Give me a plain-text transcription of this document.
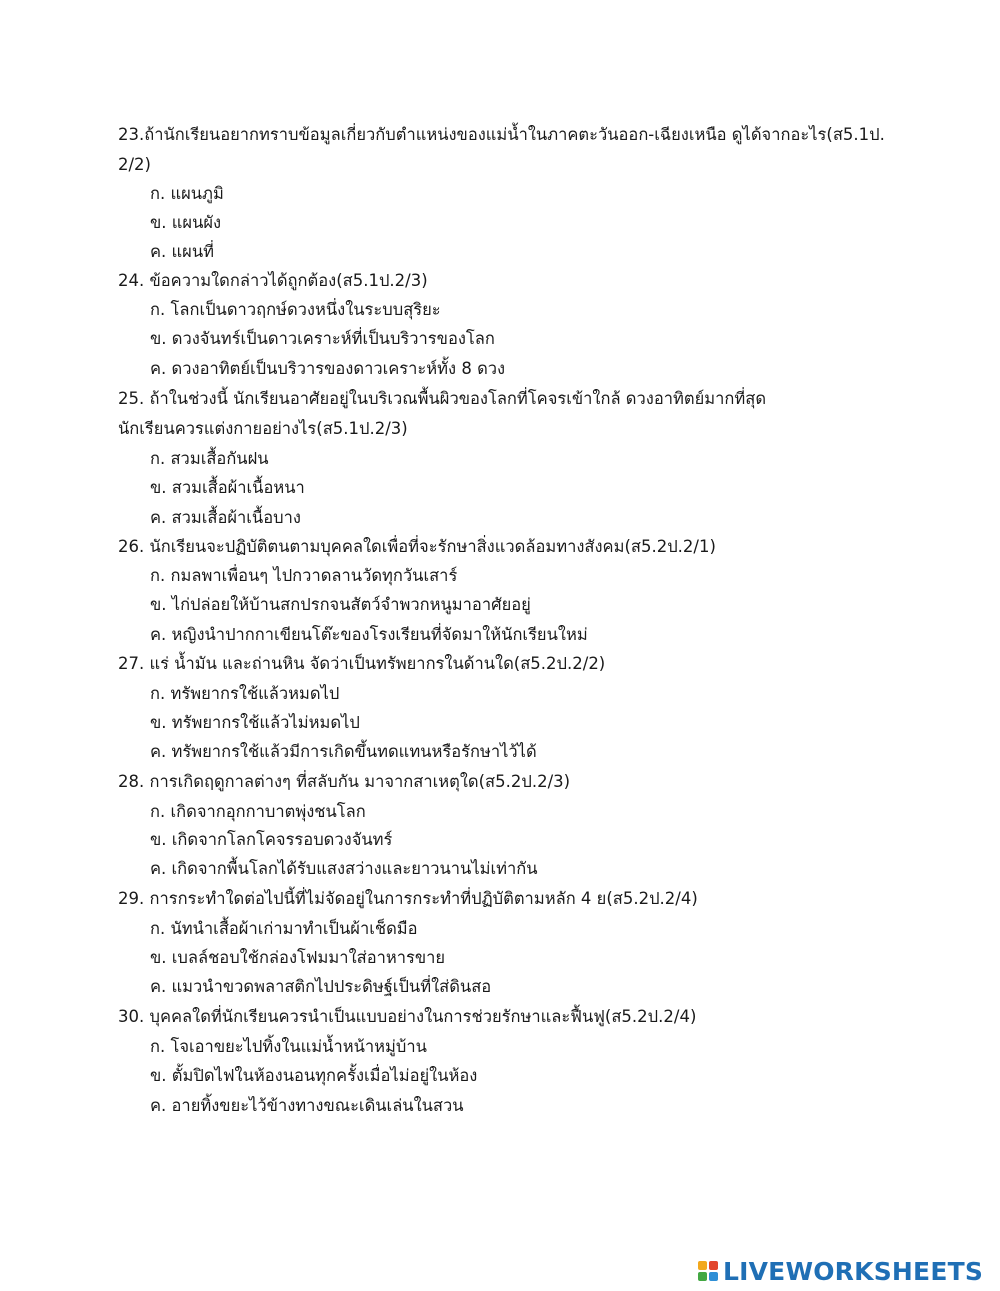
23.ถ้านักเรียนอยากทราบข้อมูลเกี่ยวกับตำแหน่งของแม่น้ำในภาคตะวันออก-เฉียงเหนือ ดูได้จากอะไร(ส5.1ป.
2/2)
ก. แผนภูมิ
ข. แผนผัง
ค. แผนที่
24. ข้อความใดกล่าวได้ถูกต้อง(ส5.1ป.2/3)
ก. โลกเป็นดาวฤกษ์ดวงหนึ่งในระบบสุริยะ
ข. ดวงจันทร์เป็นดาวเคราะห์ที่เป็นบริวารของโลก
ค. ดวงอาทิตย์เป็นบริวารของดาวเคราะห์ทั้ง 8 ดวง
25. ถ้าในช่วงนี้ นักเรียนอาศัยอยู่ในบริเวณพื้นผิวของโลกที่โคจรเข้าใกล้ ดวงอาทิตย์มากที่สุด
นักเรียนควรแต่งกายอย่างไร(ส5.1ป.2/3)
ก. สวมเสื้อกันฝน
ข. สวมเสื้อผ้าเนื้อหนา
ค. สวมเสื้อผ้าเนื้อบาง
26. นักเรียนจะปฏิบัติตนตามบุคคลใดเพื่อที่จะรักษาสิ่งแวดล้อมทางสังคม(ส5.2ป.2/1)
ก. กมลพาเพื่อนๆ ไปกวาดลานวัดทุกวันเสาร์
ข. ไก่ปล่อยให้บ้านสกปรกจนสัตว์จำพวกหนูมาอาศัยอยู่
ค. หญิงนำปากกาเขียนโต๊ะของโรงเรียนที่จัดมาให้นักเรียนใหม่
27. แร่ น้ำมัน และถ่านหิน จัดว่าเป็นทรัพยากรในด้านใด(ส5.2ป.2/2)
ก. ทรัพยากรใช้แล้วหมดไป
ข. ทรัพยากรใช้แล้วไม่หมดไป
ค. ทรัพยากรใช้แล้วมีการเกิดขึ้นทดแทนหรือรักษาไว้ได้
28. การเกิดฤดูกาลต่างๆ ที่สลับกัน มาจากสาเหตุใด(ส5.2ป.2/3)
ก. เกิดจากอุกกาบาตพุ่งชนโลก
ข. เกิดจากโลกโคจรรอบดวงจันทร์
ค. เกิดจากพื้นโลกได้รับแสงสว่างและยาวนานไม่เท่ากัน
29. การกระทำใดต่อไปนี้ที่ไม่จัดอยู่ในการกระทำที่ปฏิบัติตามหลัก 4 ย(ส5.2ป.2/4)
ก. นัทนำเสื้อผ้าเก่ามาทำเป็นผ้าเช็ดมือ
ข. เบลล์ชอบใช้กล่องโฟมมาใส่อาหารขาย
ค. แมวนำขวดพลาสติกไปประดิษฐ์เป็นที่ใส่ดินสอ
30. บุคคลใดที่นักเรียนควรนำเป็นแบบอย่างในการช่วยรักษาและฟื้นฟู(ส5.2ป.2/4)
ก. โจเอาขยะไปทิ้งในแม่น้ำหน้าหมู่บ้าน
ข. ตั้มปิดไฟในห้องนอนทุกครั้งเมื่อไม่อยู่ในห้อง
ค. อายทิ้งขยะไว้ข้างทางขณะเดินเล่นในสวน
LIVEWORKSHEETS
